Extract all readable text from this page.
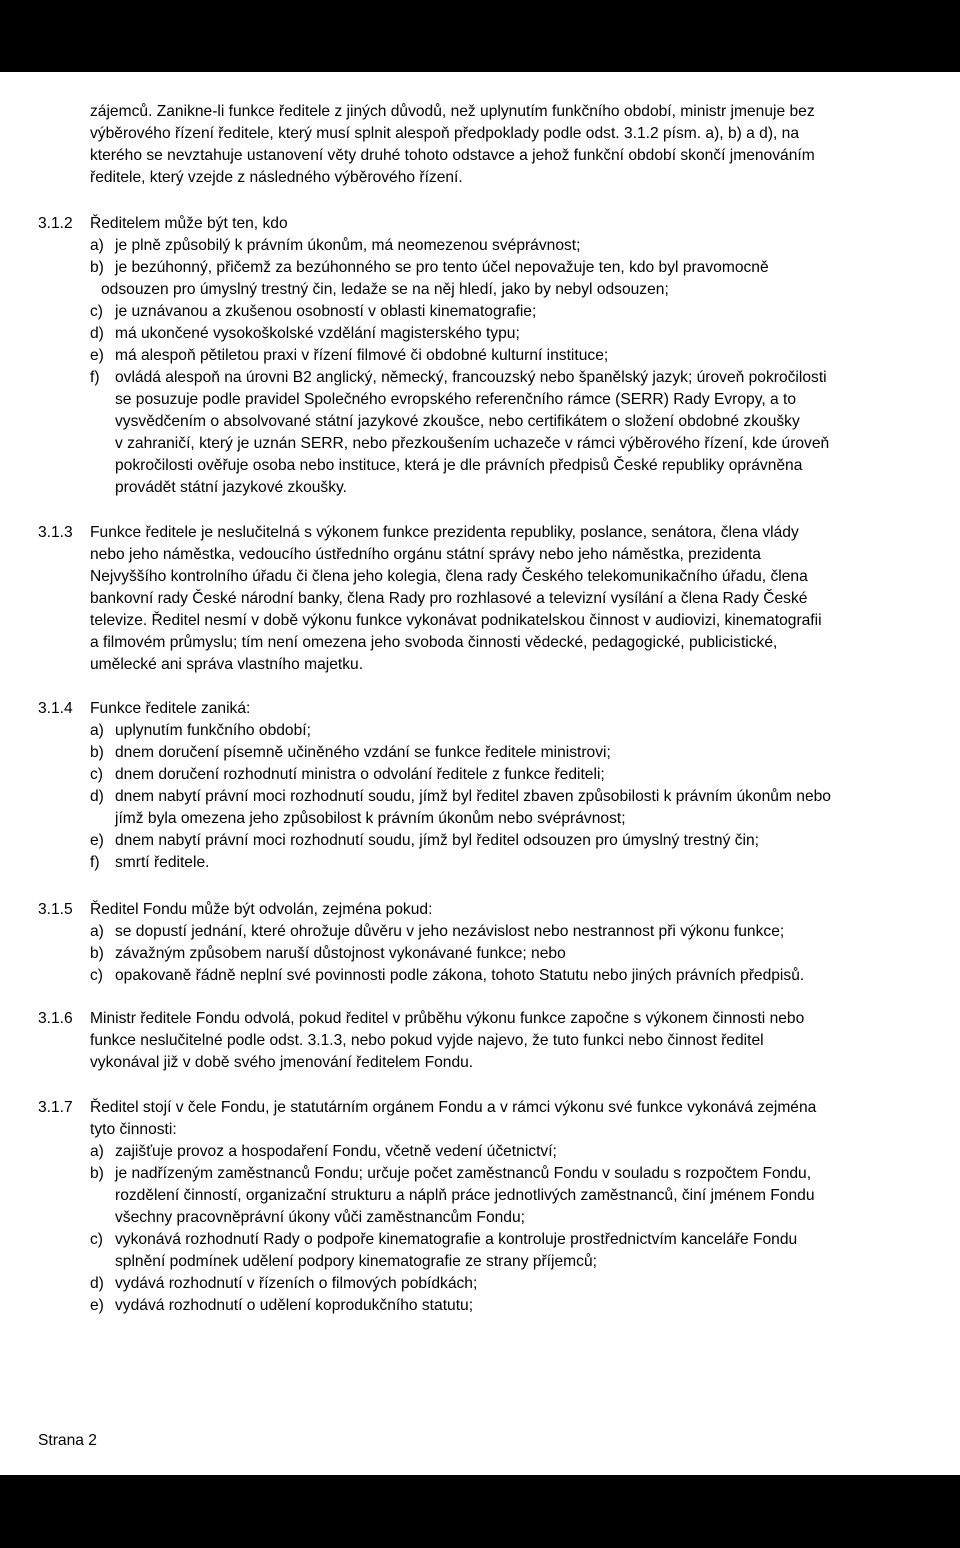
zájemců. Zanikne-li funkce ředitele z jiných důvodů, než uplynutím funkčního období, ministr jmenuje bez

výběrového řízení ředitele, který musí splnit alespoň předpoklady podle odst. 3.1.2 písm. a), b) a d), na

kterého se nevztahuje ustanovení věty druhé tohoto odstavce a jehož funkční období skončí jmenováním

ředitele, který vzejde z následného výběrového řízení.

3.1.2	Ředitelem může být ten, kdo

a) je plně způsobilý k právním úkonům, má neomezenou svéprávnost;
b) je bezúhonný, přičemž za bezúhonného se pro tento účel nepovažuje ten, kdo byl pravomocně
odsouzen pro úmyslný trestný čin, ledaže se na něj hledí, jako by nebyl odsouzen;
c) je uznávanou a zkušenou osobností v oblasti kinematografie;
d) má ukončené vysokoškolské vzdělání magisterského typu;
e) má alespoň pětiletou praxi v řízení filmové či obdobné kulturní instituce;
f) ovládá alespoň na úrovni B2 anglický, německý, francouzský nebo španělský jazyk; úroveň pokročilosti
se posuzuje podle pravidel Společného evropského referenčního rámce (SERR) Rady Evropy, a to
vysvědčením o absolvované státní jazykové zkoušce, nebo certifikátem o složení obdobné zkoušky
v zahraničí, který je uznán SERR, nebo přezkoušením uchazeče v rámci výběrového řízení, kde úroveň
pokročilosti ověřuje osoba nebo instituce, která je dle právních předpisů České republiky oprávněna
provádět státní jazykové zkoušky.
3.1.3	Funkce ředitele je neslučitelná s výkonem funkce prezidenta republiky, poslance, senátora, člena vlády

nebo jeho náměstka, vedoucího ústředního orgánu státní správy nebo jeho náměstka, prezidenta

Nejvyššího kontrolního úřadu či člena jeho kolegia, člena rady Českého telekomunikačního úřadu, člena

bankovní rady České národní banky, člena Rady pro rozhlasové a televizní vysílání a člena Rady České

televize. Ředitel nesmí v době výkonu funkce vykonávat podnikatelskou činnost v audiovizi, kinematografii

a filmovém průmyslu; tím není omezena jeho svoboda činnosti vědecké, pedagogické, publicistické,

umělecké ani správa vlastního majetku.

3.1.4	Funkce ředitele zaniká:

a) uplynutím funkčního období;
b) dnem doručení písemně učiněného vzdání se funkce ředitele ministrovi;
c) dnem doručení rozhodnutí ministra o odvolání ředitele z funkce ředitelі;
d) dnem nabytí právní moci rozhodnutí soudu, jímž byl ředitel zbaven způsobilosti k právním úkonům nebo
jímž byla omezena jeho způsobilost k právním úkonům nebo svéprávnost;
e) dnem nabytí právní moci rozhodnutí soudu, jímž byl ředitel odsouzen pro úmyslný trestný čin;
f) smrtí ředitele.
3.1.5	Ředitel Fondu může být odvolán, zejména pokud:

a) se dopustí jednání, které ohrožuje důvěru v jeho nezávislost nebo nestrannost při výkonu funkce;
b) závažným způsobem naruší důstojnost vykonávané funkce; nebo
c) opakovaně řádně neplní své povinnosti podle zákona, tohoto Statutu nebo jiných právních předpisů.
3.1.6	Ministr ředitele Fondu odvolá, pokud ředitel v průběhu výkonu funkce započne s výkonem činnosti nebo

funkce neslučitelné podle odst. 3.1.3, nebo pokud vyjde najevo, že tuto funkci nebo činnost ředitel

vykonával již v době svého jmenování ředitelem Fondu.

3.1.7	Ředitel stojí v čele Fondu, je statutárním orgánem Fondu a v rámci výkonu své funkce vykonává zejména

tyto činnosti:

a) zajišťuje provoz a hospodaření Fondu, včetně vedení účetnictví;
b) je nadřízeným zaměstnanců Fondu; určuje počet zaměstnanců Fondu v souladu s rozpočtem Fondu,
rozdělení činností, organizační strukturu a náplň práce jednotlivých zaměstnanců, činí jménem Fondu
všechny pracovněprávní úkony vůči zaměstnancům Fondu;
c) vykonává rozhodnutí Rady o podpoře kinematografie a kontroluje prostřednictvím kanceláře Fondu
splnění podmínek udělení podpory kinematografie ze strany příjemců;
d) vydává rozhodnutí v řízeních o filmových pobídkách;
e) vydává rozhodnutí o udělení koprodukčního statutu;
Strana 2
